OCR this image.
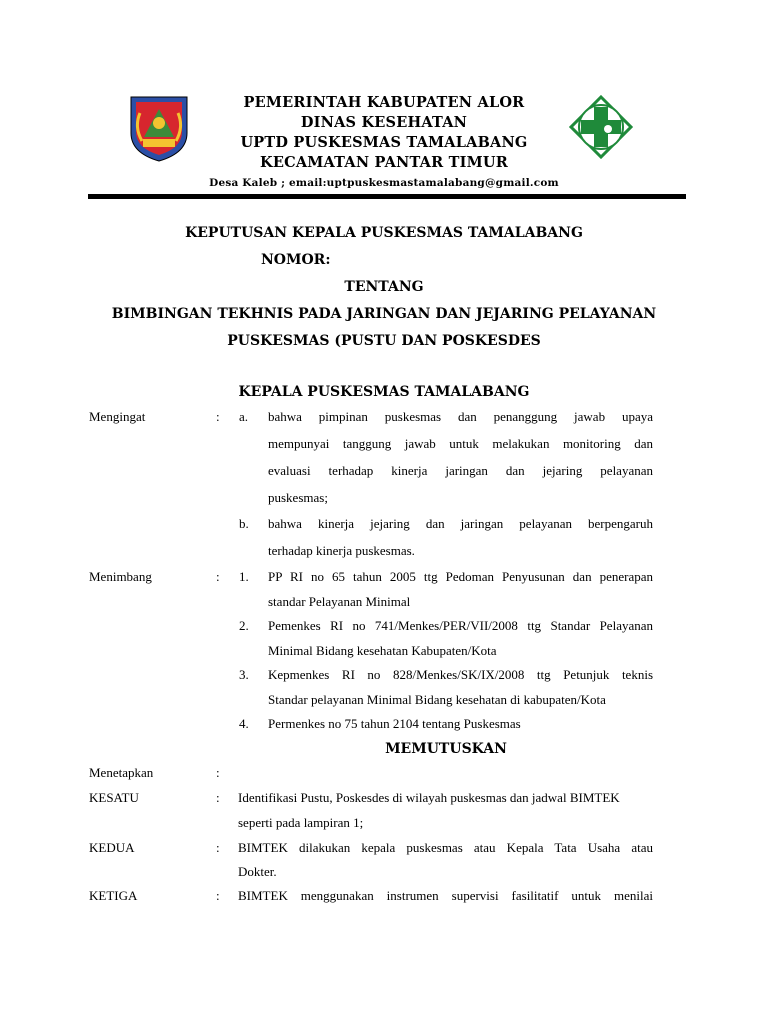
PEMERINTAH KABUPATEN ALOR
DINAS KESEHATAN
UPTD PUSKESMAS TAMALABANG
KECAMATAN PANTAR TIMUR
Desa Kaleb ; email:uptpuskesmastamalabang@gmail.com
KEPUTUSAN KEPALA PUSKESMAS TAMALABANG
NOMOR:
TENTANG
BIMBINGAN TEKHNIS PADA JARINGAN DAN JEJARING PELAYANAN
PUSKESMAS (PUSTU DAN POSKESDES
KEPALA PUSKESMAS TAMALABANG
Mengingat	: a. bahwa pimpinan puskesmas dan penanggung jawab upaya
mempunyai tanggung jawab untuk melakukan monitoring dan
evaluasi terhadap kinerja jaringan dan jejaring pelayanan
puskesmas;
b. bahwa kinerja jejaring dan jaringan pelayanan berpengaruh
terhadap kinerja puskesmas.
Menimbang	: 1. PP RI no 65 tahun 2005 ttg Pedoman Penyusunan dan penerapan
standar Pelayanan Minimal
2. Pemenkes RI no 741/Menkes/PER/VII/2008 ttg Standar Pelayanan
Minimal Bidang kesehatan Kabupaten/Kota
3. Kepmenkes RI no 828/Menkes/SK/IX/2008 ttg Petunjuk teknis
Standar pelayanan Minimal Bidang kesehatan di kabupaten/Kota
4. Permenkes no 75 tahun 2104 tentang Puskesmas
MEMUTUSKAN
Menetapkan	:
KESATU	: Identifikasi Pustu, Poskesdes di wilayah puskesmas dan jadwal BIMTEK
seperti pada lampiran 1;
KEDUA	: BIMTEK dilakukan kepala puskesmas atau Kepala Tata Usaha atau
Dokter.
KETIGA	: BIMTEK menggunakan instrumen supervisi fasilitatif untuk menilai
